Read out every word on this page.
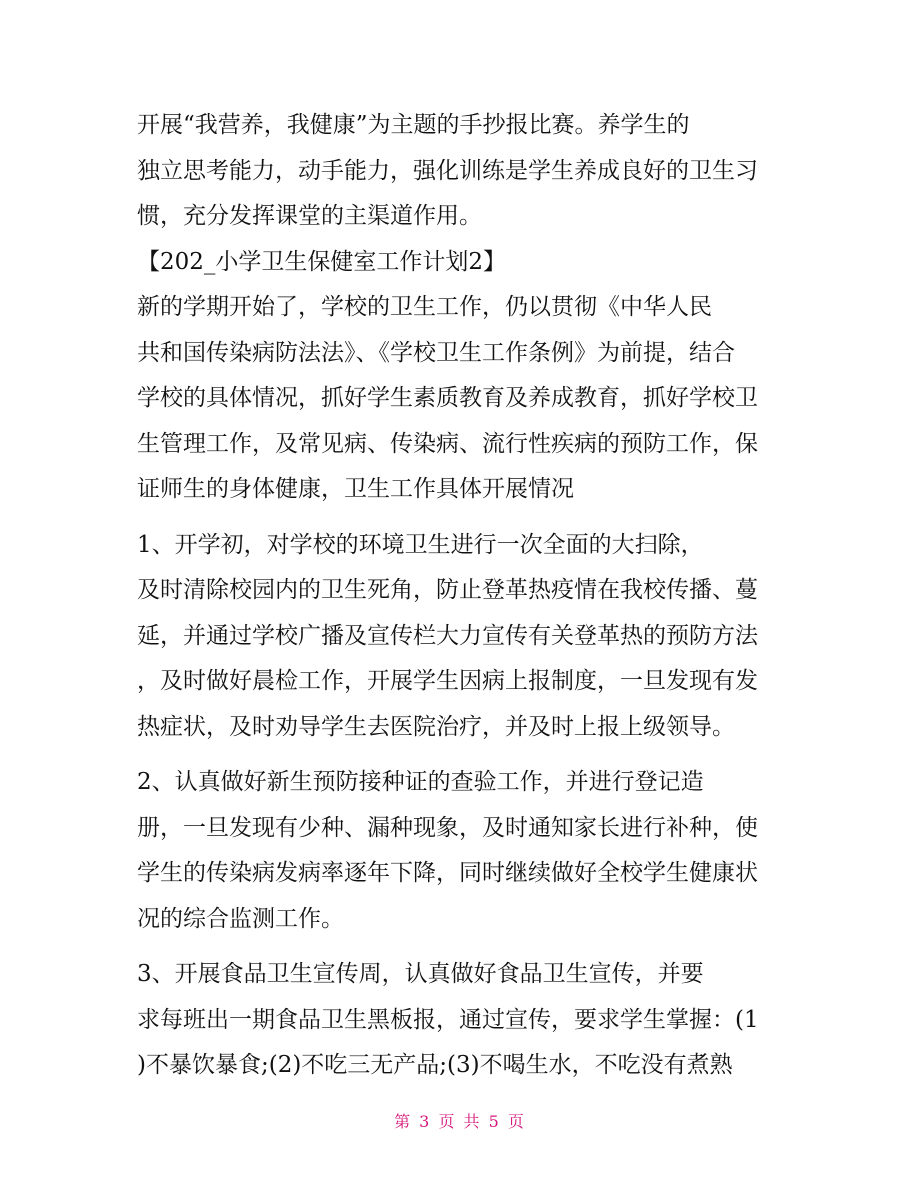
开展“我营养，我健康”为主题的手抄报比赛。养学生的
独立思考能力，动手能力，强化训练是学生养成良好的卫生习
惯，充分发挥课堂的主渠道作用。
【202_小学卫生保健室工作计划2】
新的学期开始了，学校的卫生工作，仍以贯彻《中华人民
共和国传染病防法法》、《学校卫生工作条例》为前提，结合
学校的具体情况，抓好学生素质教育及养成教育，抓好学校卫
生管理工作，及常见病、传染病、流行性疾病的预防工作，保
证师生的身体健康，卫生工作具体开展情况
1、开学初，对学校的环境卫生进行一次全面的大扫除，
及时清除校园内的卫生死角，防止登革热疫情在我校传播、蔓
延，并通过学校广播及宣传栏大力宣传有关登革热的预防方法
，及时做好晨检工作，开展学生因病上报制度，一旦发现有发
热症状，及时劝导学生去医院治疗，并及时上报上级领导。
2、认真做好新生预防接种证的查验工作，并进行登记造
册，一旦发现有少种、漏种现象，及时通知家长进行补种，使
学生的传染病发病率逐年下降，同时继续做好全校学生健康状
况的综合监测工作。
3、开展食品卫生宣传周，认真做好食品卫生宣传，并要
求每班出一期食品卫生黑板报，通过宣传，要求学生掌握：(1
)不暴饮暴食;(2)不吃三无产品;(3)不喝生水，不吃没有煮熟
第 3 页 共 5 页
